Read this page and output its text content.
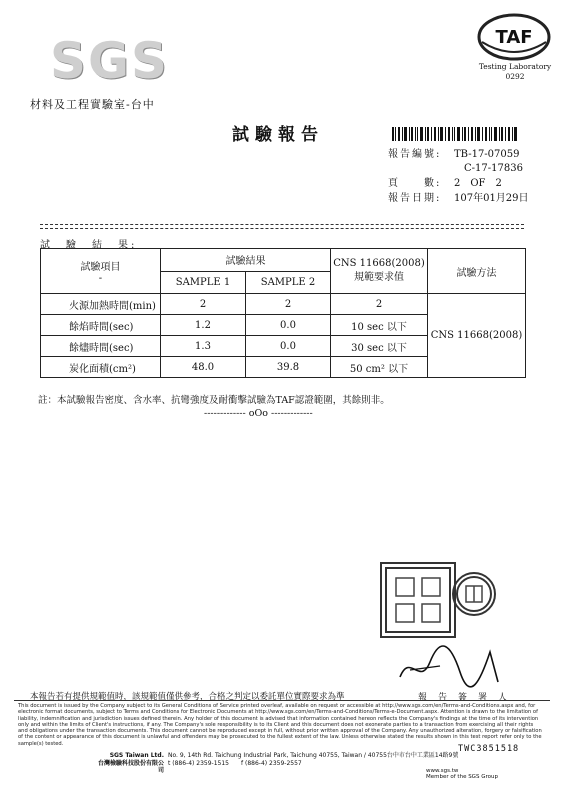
SGS
材料及工程實驗室-台中
TAF
Testing Laboratory
0292
試驗報告
報告編號:	TB-17-07059
C-17-17836
頁　　數:	2　OF　2
報告日期:	107年01月29日
試　驗　結　果:
試驗項目
-	試驗結果		CNS 11668(2008) 規範要求值	試驗方法
	SAMPLE 1	SAMPLE 2		
火源加熱時間(min)	2	2	2	CNS 11668(2008)
餘焰時間(sec)	1.2	0.0	10 sec 以下	
餘燼時間(sec)	1.3	0.0	30 sec 以下	
炭化面積(cm²)	48.0	39.8	50 cm² 以下	
註：本試驗報告密度、含水率、抗彎強度及耐衝擊試驗為TAF認證範圍，其餘則非。
------------- oOo -------------
本報告若有提供規範值時，該規範值僅供參考，合格之判定以委託單位實際要求為準	報告簽署人
This document is issued by the Company subject to its General Conditions of Service printed overleaf, available on request or accessible at http://www.sgs.com/en/Terms-and-Conditions.aspx and, for electronic format documents, subject to Terms and Conditions for Electronic Documents at http://www.sgs.com/en/Terms-and-Conditions/Terms-e-Document.aspx. Attention is drawn to the limitation of liability, indemnification and jurisdiction issues defined therein. Any holder of this document is advised that information contained hereon reflects the Company's findings at the time of its intervention only and within the limits of Client's instructions, if any. The Company's sole responsibility is to its Client and this document does not exonerate parties to a transaction from exercising all their rights and obligations under the transaction documents. This document cannot be reproduced except in full, without prior written approval of the Company. Any unauthorized alteration, forgery or falsification of the content or appearance of this document is unlawful and offenders may be prosecuted to the fullest extent of the law. Unless otherwise stated the results shown in this test report refer only to the sample(s) tested.
TWC3851518
SGS Taiwan Ltd.
台灣檢驗科技股份有限公司
No. 9, 14th Rd. Taichung Industrial Park, Taichung 40755, Taiwan / 40755台中市台中工業區14路9號
t (886-4) 2359-1515　　f (886-4) 2359-2557
www.sgs.tw
Member of the SGS Group
